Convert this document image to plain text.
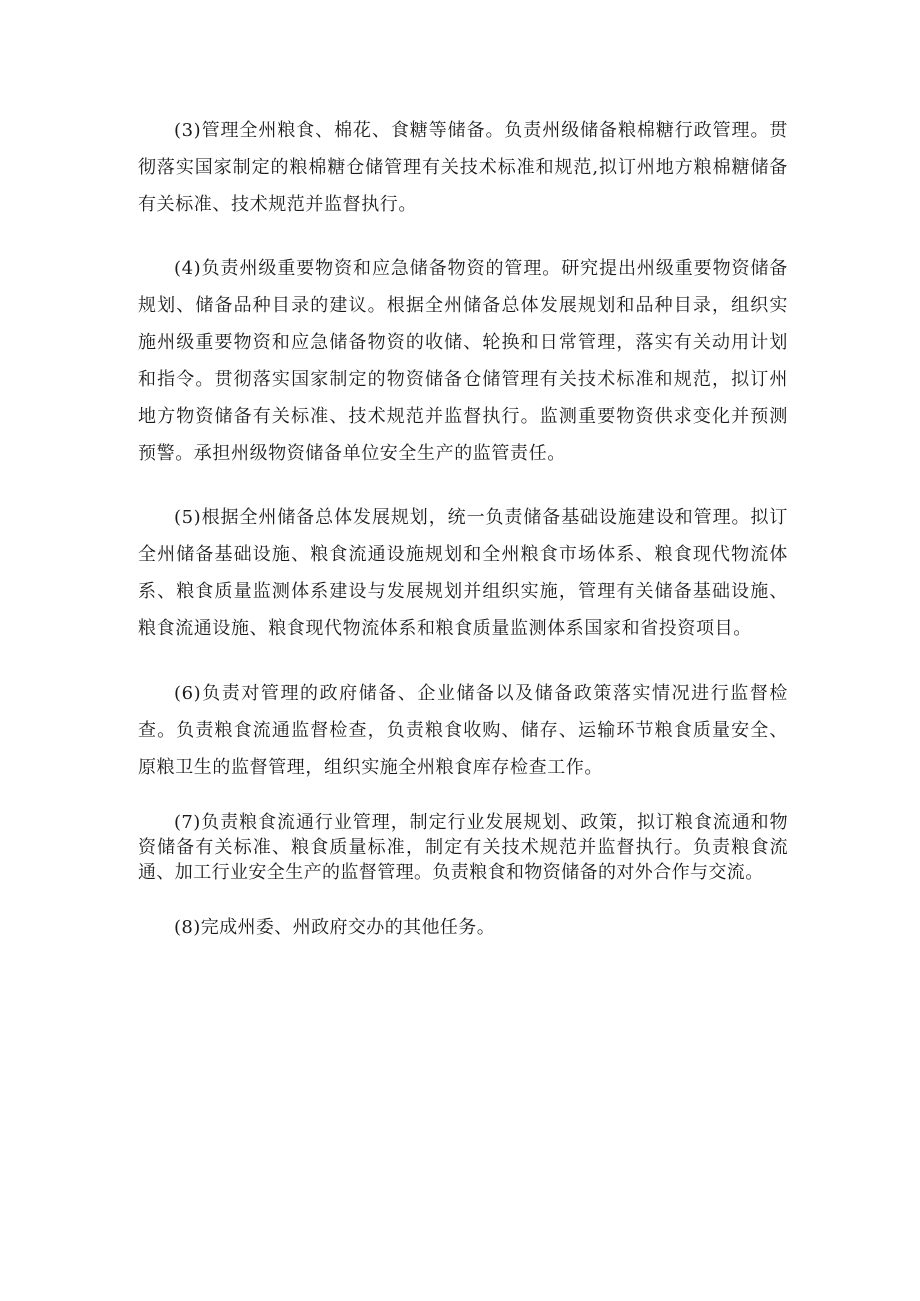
(3)管理全州粮食、棉花、食糖等储备。负责州级储备粮棉糖行政管理。贯彻落实国家制定的粮棉糖仓储管理有关技术标准和规范,拟订州地方粮棉糖储备有关标准、技术规范并监督执行。

(4)负责州级重要物资和应急储备物资的管理。研究提出州级重要物资储备规划、储备品种目录的建议。根据全州储备总体发展规划和品种目录，组织实施州级重要物资和应急储备物资的收储、轮换和日常管理，落实有关动用计划和指令。贯彻落实国家制定的物资储备仓储管理有关技术标准和规范，拟订州地方物资储备有关标准、技术规范并监督执行。监测重要物资供求变化并预测预警。承担州级物资储备单位安全生产的监管责任。

(5)根据全州储备总体发展规划，统一负责储备基础设施建设和管理。拟订全州储备基础设施、粮食流通设施规划和全州粮食市场体系、粮食现代物流体系、粮食质量监测体系建设与发展规划并组织实施，管理有关储备基础设施、粮食流通设施、粮食现代物流体系和粮食质量监测体系国家和省投资项目。

(6)负责对管理的政府储备、企业储备以及储备政策落实情况进行监督检查。负责粮食流通监督检查，负责粮食收购、储存、运输环节粮食质量安全、原粮卫生的监督管理，组织实施全州粮食库存检查工作。

(7)负责粮食流通行业管理，制定行业发展规划、政策，拟订粮食流通和物资储备有关标准、粮食质量标准，制定有关技术规范并监督执行。负责粮食流通、加工行业安全生产的监督管理。负责粮食和物资储备的对外合作与交流。

(8)完成州委、州政府交办的其他任务。
